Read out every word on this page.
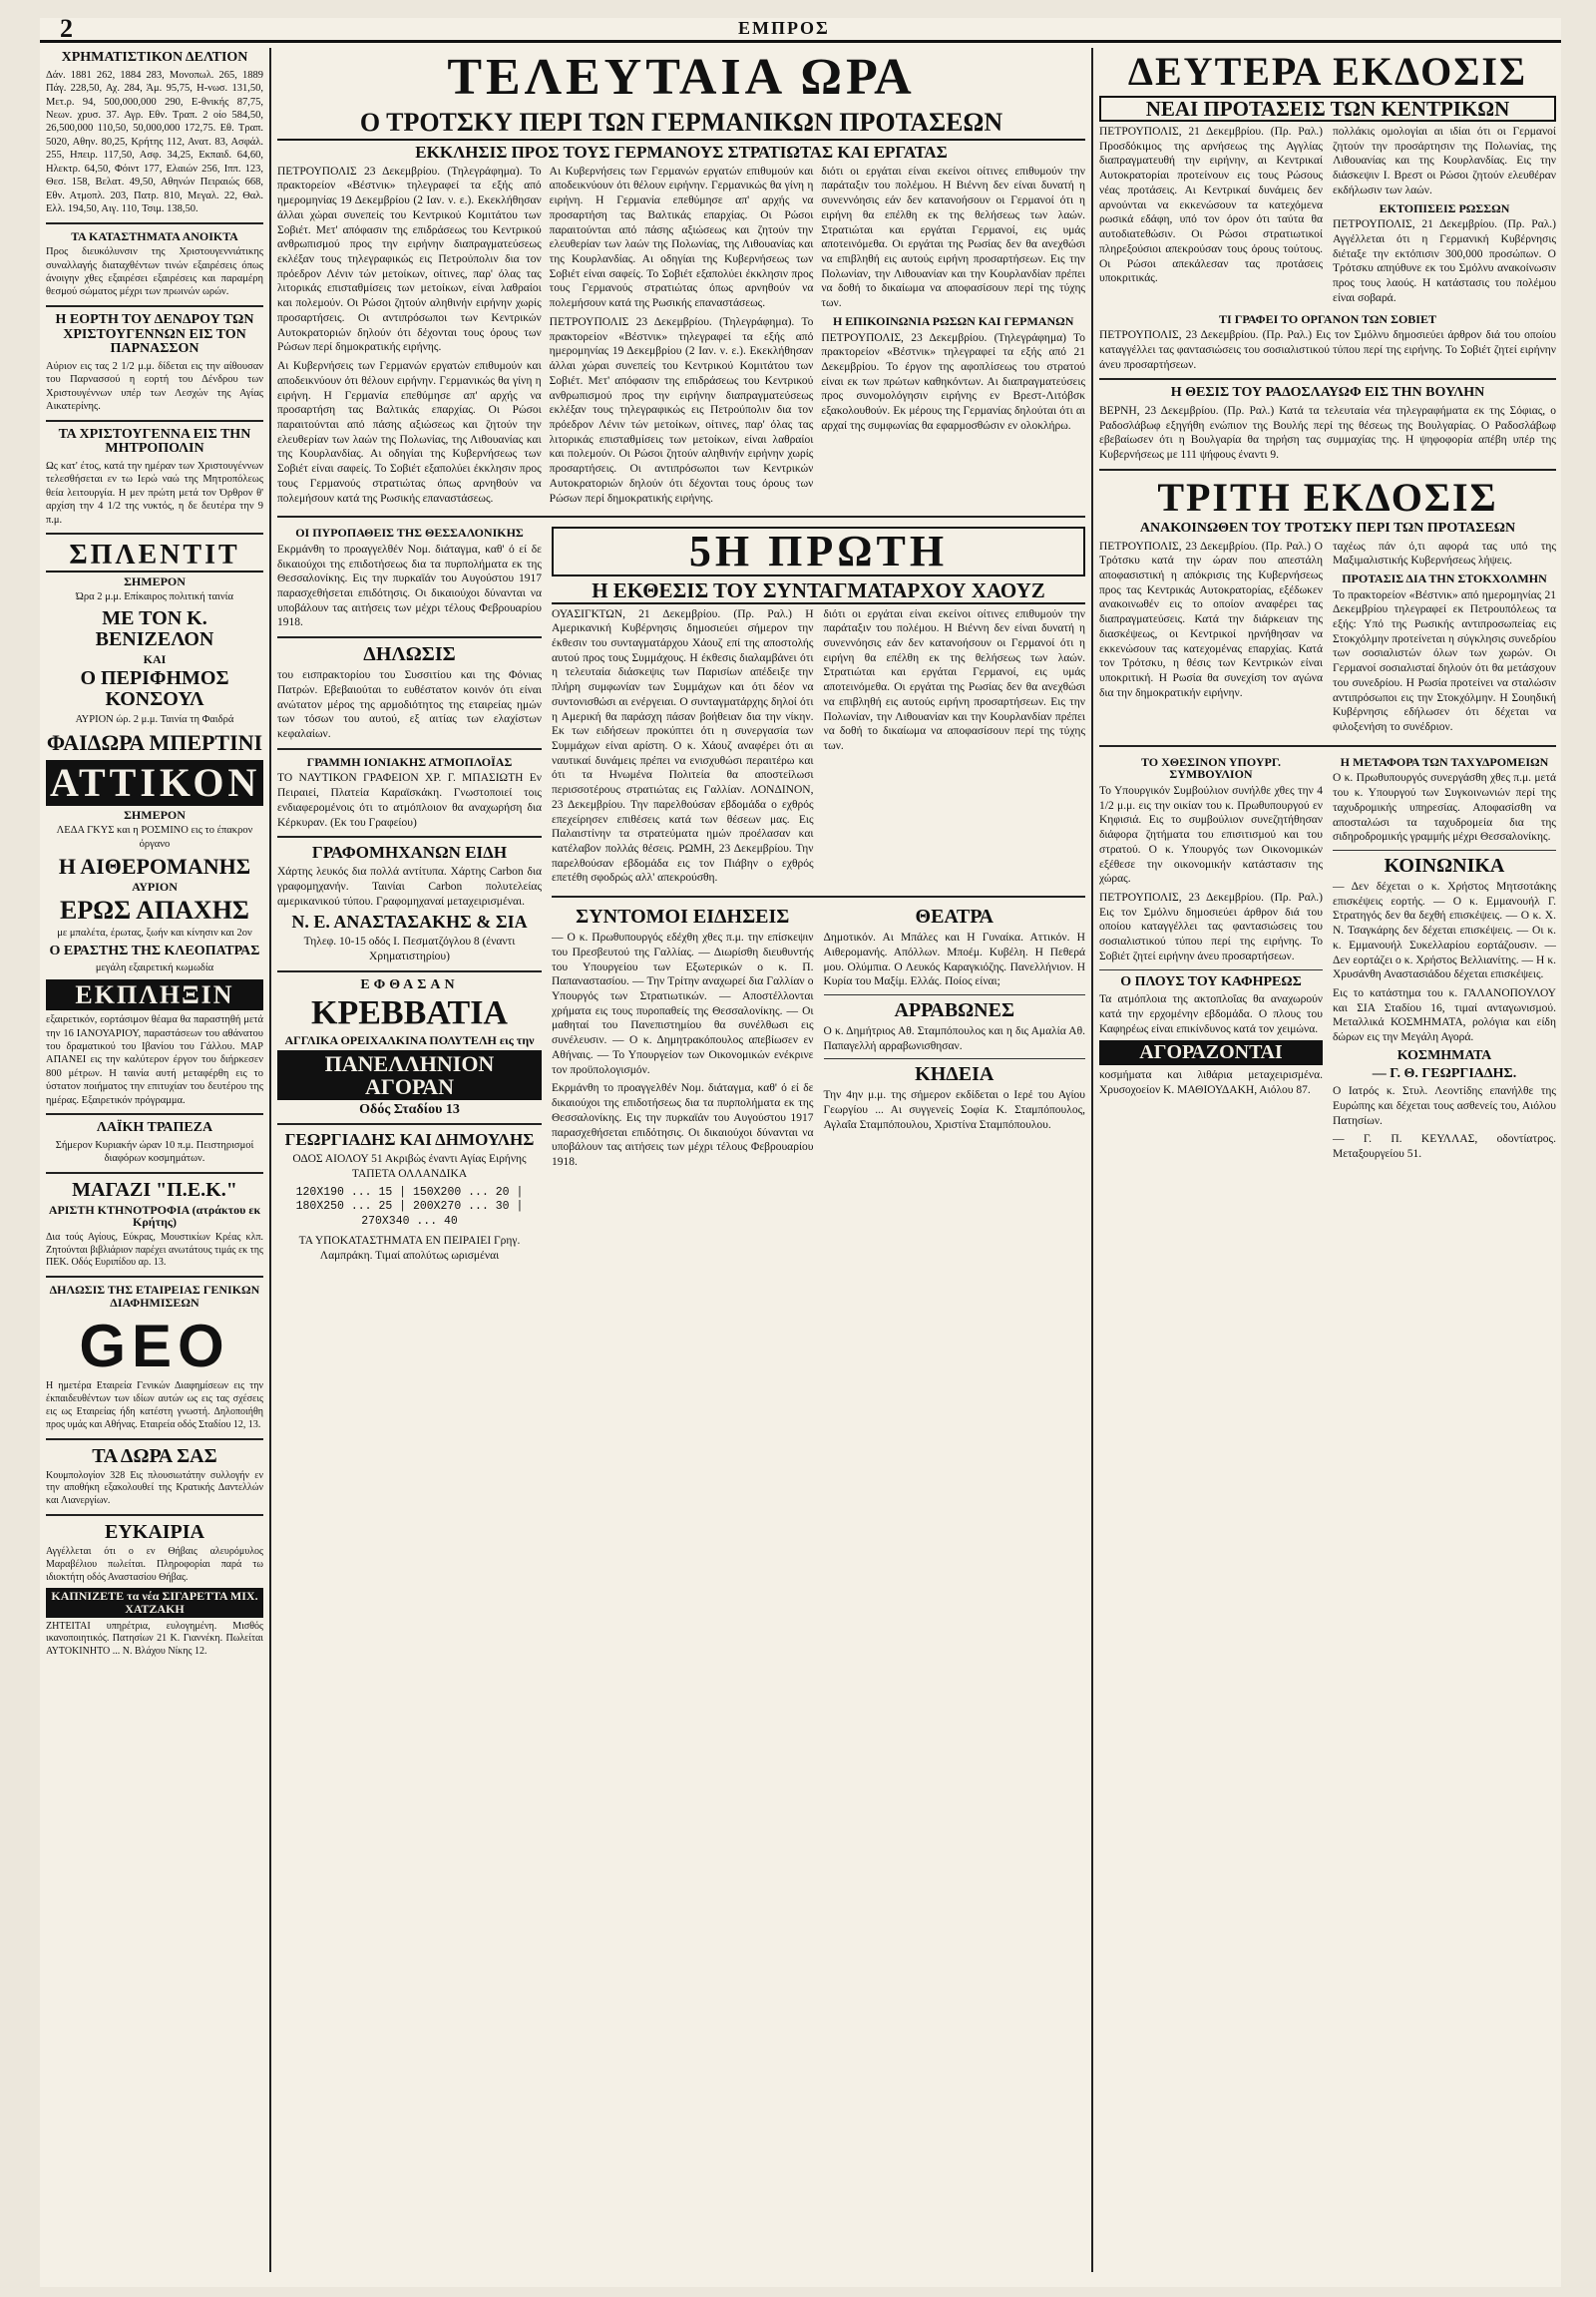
2	ΕΜΠΡΟΣ
ΧΡΗΜΑΤΙΣΤΙΚΟΝ ΔΕΛΤΙΟΝ

Δάν. 1881 262, 1884 283, Μονοπωλ. 265, 1889 Πάγ. 228,50, Αχ. 284, Άμ. 95,75, Η-νωσ. 131,50, Μετ.ρ. 94, 500,000,000 290, Ε-θνικής 87,75, Νεων. χρυσ. 37. Αγρ. Εθν. Τραπ. 2 οίο 584,50, 26,500,000 110,50, 50,000,000 172,75. Εθ. Τραπ. 5020, Αθην. 80,25, Κρήτης 112, Ανατ. 83, Ασφάλ. 255, Ηπειρ. 117,50, Ασφ. 34,25, Εκπαιδ. 64,60, Ηλεκτρ. 64,50, Φόιντ 177, Ελαιών 256, Ιππ. 123, Θεσ. 158, Βελατ. 49,50, Αθηνών Πειραιώς 668, Εθν. Ατμοπλ. 203, Πατρ. 810, Μεγαλ. 22, Θαλ. Ελλ. 194,50, Αιγ. 110, Τσιμ. 138,50.

ΤΑ ΚΑΤΑΣΤΗΜΑΤΑ ΑΝΟΙΚΤΑ

Προς διευκόλυνσιν της Χριστουγεννιάτικης συναλλαγής διαταχθέντων τινών εξαιρέσεις όπως άνοιγην χθες εξαιρέσει εξαιρέσεις και παραμέρη θεσμού σώματος μέχρι των πρωινών ωρών.

Η ΕΟΡΤΗ ΤΟΥ ΔΕΝΔΡΟΥ ΤΩΝ ΧΡΙΣΤΟΥΓΕΝΝΩΝ ΕΙΣ ΤΟΝ ΠΑΡΝΑΣΣΟΝ

Αύριον εις τας 2 1/2 μ.μ. δίδεται εις την αίθουσαν του Παρνασσού η εορτή του Δένδρου των Χριστουγέννων υπέρ των Λεσχών της Αγίας Αικατερίνης.

ΤΑ ΧΡΙΣΤΟΥΓΕΝΝΑ ΕΙΣ ΤΗΝ ΜΗΤΡΟΠΟΛΙΝ

Ως κατ' έτος, κατά την ημέραν των Χριστουγέννων τελεσθήσεται εν τω Ιερώ ναώ της Μητροπόλεως θεία λειτουργία. Η μεν πρώτη μετά τον Όρθρον θ' αρχίση την 4 1/2 της νυκτός, η δε δευτέρα την 9 π.μ.

ΣΠΛΕΝΤΙΤ
ΣΗΜΕΡΟΝ

Ώρα 2 μ.μ. Επίκαιρος πολιτική ταινία

ΜΕ ΤΟΝ Κ. ΒΕΝΙΖΕΛΟΝ
ΚΑΙ
Ο ΠΕΡΙΦΗΜΟΣ ΚΟΝΣΟΥΛ

ΑΥΡΙΟΝ ώρ. 2 μ.μ. Ταινία τη Φαιδρά

ΦΑΙΔΩΡΑ ΜΠΕΡΤΙΝΙ
ΑΤΤΙΚΟΝ
ΣΗΜΕΡΟΝ

ΛΕΔΑ ΓΚΥΣ και η ΡΟΣΜΙΝΟ εις το έπακρον όργανο

Η ΑΙΘΕΡΟΜΑΝΗΣ
ΑΥΡΙΟΝ
ΕΡΩΣ ΑΠΑΧΗΣ

με μπαλέτα, έρωτας, ξωήν και κίνησιν και 2ον

Ο ΕΡΑΣΤΗΣ ΤΗΣ ΚΛΕΟΠΑΤΡΑΣ

μεγάλη εξαιρετική κωμωδία

ΕΚΠΛΗΞΙΝ

εξαιρετικόν, εορτάσιμον θέαμα θα παραστηθή μετά την 16 ΙΑΝΟΥΑΡΙΟΥ, παραστάσεων του αθάνατου του δραματικού του Ιβανίου του Γάλλου. ΜΑΡ ΑΠΑΝΕΙ εις την καλύτερον έργον του διήρκεσεν 800 μέτρων. Η ταινία αυτή μεταφέρθη εις το ύστατον ποιήματος την επιτυχίαν του δευτέρου της ημέρας. Εξαιρετικόν πρόγραμμα.

ΛΑΪΚΗ ΤΡΑΠΕΖΑ

Σήμερον Κυριακήν ώραν 10 π.μ. Πειστηρισμοί διαφόρων κοσμημάτων.

ΜΑΓΑΖΙ "Π.Ε.Κ."
ΑΡΙΣΤΗ ΚΤΗΝΟΤΡΟΦΙΑ (ατράκτου εκ Κρήτης)

Δια τούς Αγίους, Εύκρας, Μουστικίων Κρέας κλπ. Ζητούνται βιβλιάριον παρέχει ανωτάτους τιμάς εκ της ΠΕΚ. Οδός Ευριπίδου αρ. 13.

ΔΗΛΩΣΙΣ ΤΗΣ ΕΤΑΙΡΕΙΑΣ ΓΕΝΙΚΩΝ ΔΙΑΦΗΜΙΣΕΩΝ
GEO

Η ημετέρα Εταιρεία Γενικών Διαφημίσεων εις την έκπαιδευθέντων των ιδίων αυτών ως εις τας σχέσεις εις ως Εταιρείας ήδη κατέστη γνωστή. Δηλοποιήθη προς υμάς και Αθήνας. Εταιρεία οδός Σταδίου 12, 13.

ΤΑ ΔΩΡΑ ΣΑΣ

Κουμπολογίον 328 Εις πλουσιωτάτην συλλογήν εν την αποθήκη εξακολουθεί της Κρατικής Δαντελλών και Λιανεργίων.

ΕΥΚΑΙΡΙΑ

Αγγέλλεται ότι ο εν Θήβαις αλευρόμυλος Μαραβέλιου πωλείται. Πληροφορίαι παρά τω ιδιοκτήτη οδός Αναστασίου Θήβας.

ΚΑΠΝΙΖΕΤΕ τα νέα ΣΙΓΑΡΕΤΤΑ ΜΙΧ. ΧΑΤΖΑΚΗ

ΖΗΤΕΙΤΑΙ υπηρέτρια, ευλογημένη. Μισθός ικανοποιητικός. Πατησίων 21 Κ. Γιαννέκη. Πωλείται ΑΥΤΟΚΙΝΗΤΟ ... Ν. Βλάχου Νίκης 12.

ΤΕΛΕΥΤΑΙΑ ΩΡΑ
Ο ΤΡΟΤΣΚΥ ΠΕΡΙ ΤΩΝ ΓΕΡΜΑΝΙΚΩΝ ΠΡΟΤΑΣΕΩΝ
ΕΚΚΛΗΣΙΣ ΠΡΟΣ ΤΟΥΣ ΓΕΡΜΑΝΟΥΣ ΣΤΡΑΤΙΩΤΑΣ ΚΑΙ ΕΡΓΑΤΑΣ

ΠΕΤΡΟΥΠΟΛΙΣ 23 Δεκεμβρίου. (Τηλεγράφημα). Το πρακτορείον «Βέστνικ» τηλεγραφεί τα εξής από ημερομηνίας 19 Δεκεμβρίου (2 Ιαν. ν. ε.). Εκεκλήθησαν άλλαι χώραι συνεπείς του Κεντρικού Κομιτάτου των Σοβιέτ. Μετ' απόφασιν της επιδράσεως του Κεντρικού ανθρωπισμού προς την ειρήνην διαπραγματεύσεως εκλέξαν τους τηλεγραφικώς εις Πετρούπολιν δια τον πρόεδρον Λένιν τών μετοίκων, οίτινες, παρ' όλας τας λιτορικάς επισταθμίσεις των μετοίκων, είναι λαθραίοι και πολεμούν. Οι Ρώσοι ζητούν αληθινήν ειρήνην χωρίς προσαρτήσεις. Οι αντιπρόσωποι των Κεντρικών Αυτοκρατοριών δηλούν ότι δέχονται τους όρους των Ρώσων περί δημοκρατικής ειρήνης.

Αι Κυβερνήσεις των Γερμανών εργατών επιθυμούν και αποδεικνύουν ότι θέλουν ειρήνην. Γερμανικώς θα γίνη η ειρήνη. Η Γερμανία επεθύμησε απ' αρχής να προσαρτήση τας Βαλτικάς επαρχίας. Οι Ρώσοι παραιτούνται από πάσης αξιώσεως και ζητούν την ελευθερίαν των λαών της Πολωνίας, της Λιθουανίας και της Κουρλανδίας. Αι οδηγίαι της Κυβερνήσεως των Σοβιέτ είναι σαφείς. Το Σοβιέτ εξαπολύει έκκλησιν προς τους Γερμανούς στρατιώτας όπως αρνηθούν να πολεμήσουν κατά της Ρωσικής επαναστάσεως.

Αι Κυβερνήσεις των Γερμανών εργατών επιθυμούν και αποδεικνύουν ότι θέλουν ειρήνην. Γερμανικώς θα γίνη η ειρήνη. Η Γερμανία επεθύμησε απ' αρχής να προσαρτήση τας Βαλτικάς επαρχίας. Οι Ρώσοι παραιτούνται από πάσης αξιώσεως και ζητούν την ελευθερίαν των λαών της Πολωνίας, της Λιθουανίας και της Κουρλανδίας. Αι οδηγίαι της Κυβερνήσεως των Σοβιέτ είναι σαφείς. Το Σοβιέτ εξαπολύει έκκλησιν προς τους Γερμανούς στρατιώτας όπως αρνηθούν να πολεμήσουν κατά της Ρωσικής επαναστάσεως.

ΠΕΤΡΟΥΠΟΛΙΣ 23 Δεκεμβρίου. (Τηλεγράφημα). Το πρακτορείον «Βέστνικ» τηλεγραφεί τα εξής από ημερομηνίας 19 Δεκεμβρίου (2 Ιαν. ν. ε.). Εκεκλήθησαν άλλαι χώραι συνεπείς του Κεντρικού Κομιτάτου των Σοβιέτ. Μετ' απόφασιν της επιδράσεως του Κεντρικού ανθρωπισμού προς την ειρήνην διαπραγματεύσεως εκλέξαν τους τηλεγραφικώς εις Πετρούπολιν δια τον πρόεδρον Λένιν τών μετοίκων, οίτινες, παρ' όλας τας λιτορικάς επισταθμίσεις των μετοίκων, είναι λαθραίοι και πολεμούν. Οι Ρώσοι ζητούν αληθινήν ειρήνην χωρίς προσαρτήσεις. Οι αντιπρόσωποι των Κεντρικών Αυτοκρατοριών δηλούν ότι δέχονται τους όρους των Ρώσων περί δημοκρατικής ειρήνης.

διότι οι εργάται είναι εκείνοι οίτινες επιθυμούν την παράταξιν του πολέμου. Η Βιέννη δεν είναι δυνατή η συνεννόησις εάν δεν κατανοήσουν οι Γερμανοί ότι η ειρήνη θα επέλθη εκ της θελήσεως των λαών. Στρατιώται και εργάται Γερμανοί, εις υμάς αποτεινόμεθα. Οι εργάται της Ρωσίας δεν θα ανεχθώσι να επιβληθή εις αυτούς ειρήνη προσαρτήσεων. Εις την Πολωνίαν, την Λιθουανίαν και την Κουρλανδίαν πρέπει να δοθή το δικαίωμα να αποφασίσουν περί της τύχης των.

Η ΕΠΙΚΟΙΝΩΝΙΑ ΡΩΣΩΝ ΚΑΙ ΓΕΡΜΑΝΩΝ

ΠΕΤΡΟΥΠΟΛΙΣ, 23 Δεκεμβρίου. (Τηλεγράφημα) Το πρακτορείον «Βέστνικ» τηλεγραφεί τα εξής από 21 Δεκεμβρίου. Το έργον της αφοπλίσεως του στρατού είναι εκ των πρώτων καθηκόντων. Αι διαπραγματεύσεις προς συνομολόγησιν ειρήνης εν Βρεστ-Λιτόβσκ εξακολουθούν. Εκ μέρους της Γερμανίας δηλούται ότι αι αρχαί της συμφωνίας θα εφαρμοσθώσιν εν ολοκλήρω.

ΟΙ ΠΥΡΟΠΑΘΕΙΣ ΤΗΣ ΘΕΣΣΑΛΟΝΙΚΗΣ

Εκρμάνθη το προαγγελθέν Νομ. διάταγμα, καθ' ό εί δε δικαιούχοι της επιδοτήσεως δια τα πυρπολήματα εκ της Θεσσαλονίκης. Εις την πυρκαϊάν του Αυγούστου 1917 παρασχεθήσεται επιδότησις. Οι δικαιούχοι δύνανται να υποβάλουν τας αιτήσεις των μέχρι τέλους Φεβρουαρίου 1918.

ΔΗΛΩΣΙΣ

του εισπρακτορίου του Συσσιτίου και της Φόνιας Πατρών. Εβεβαιούται το ευθέστατον κοινόν ότι είναι ανώτατον μέρος της αρμοδιότητος της εταιρείας ημών των τόσων του αυτού, εξ αιτίας των ελαχίστων κεφαλαίων.

ΓΡΑΜΜΗ ΙΟΝΙΑΚΗΣ ΑΤΜΟΠΛΟΪΑΣ

ΤΟ ΝΑΥΤΙΚΟΝ ΓΡΑΦΕΙΟΝ ΧΡ. Γ. ΜΠΑΣΙΩΤΗ Εν Πειραιεί, Πλατεία Καραϊσκάκη. Γνωστοποιεί τοις ενδιαφερομένοις ότι το ατμόπλοιον θα αναχωρήση δια Κέρκυραν. (Εκ του Γραφείου)

ΓΡΑΦΟΜΗΧΑΝΩΝ ΕΙΔΗ

Χάρτης λευκός δια πολλά αντίτυπα. Χάρτης Carbon δια γραφομηχανήν. Ταινίαι Carbon πολυτελείας αμερικανικού τύπου. Γραφομηχαναί μεταχειρισμέναι.

Ν. Ε. ΑΝΑΣΤΑΣΑΚΗΣ & ΣΙΑ

Τηλεφ. 10-15 οδός Ι. Πεσματζόγλου 8 (έναντι Χρηματιστηρίου)

ΕΦΘΑΣΑΝ
ΚΡΕΒΒΑΤΙΑ
ΑΓΓΛΙΚΑ ΟΡΕΙΧΑΛΚΙΝΑ ΠΟΛΥΤΕΛΗ εις την
ΠΑΝΕΛΛΗΝΙΟΝ ΑΓΟΡΑΝ
Οδός Σταδίου 13
ΓΕΩΡΓΙΑΔΗΣ ΚΑΙ ΔΗΜΟΥΛΗΣ

ΟΔΟΣ ΑΙΟΛΟΥ 51 Ακριβώς έναντι Αγίας Ειρήνης ΤΑΠΕΤΑ ΟΛΛΑΝΔΙΚΑ

120Χ190 ... 15 | 150Χ200 ... 20 | 180Χ250 ... 25 | 200Χ270 ... 30 | 270Χ340 ... 40

ΤΑ ΥΠΟΚΑΤΑΣΤΗΜΑΤΑ ΕΝ ΠΕΙΡΑΙΕΙ Γρηγ. Λαμπράκη. Τιμαί απολύτως ωρισμέναι

5Η ΠΡΩΤΗ
Η ΕΚΘΕΣΙΣ ΤΟΥ ΣΥΝΤΑΓΜΑΤΑΡΧΟΥ ΧΑΟΥΖ

ΟΥΑΣΙΓΚΤΩΝ, 21 Δεκεμβρίου. (Πρ. Ραλ.) Η Αμερικανική Κυβέρνησις δημοσιεύει σήμερον την έκθεσιν του συνταγματάρχου Χάουζ επί της αποστολής αυτού προς τους Συμμάχους. Η έκθεσις διαλαμβάνει ότι η τελευταία διάσκεψις των Παρισίων απέδειξε την πλήρη συμφωνίαν των Συμμάχων και ότι δέον να συντονισθώσι αι ενέργειαι. Ο συνταγματάρχης δηλοί ότι η Αμερική θα παράσχη πάσαν βοήθειαν δια την νίκην. Εκ των ειδήσεων προκύπτει ότι η συνεργασία των Συμμάχων είναι αρίστη. Ο κ. Χάουζ αναφέρει ότι αι ναυτικαί δυνάμεις πρέπει να ενισχυθώσι περαιτέρω και ότι τα Ηνωμένα Πολιτεία θα αποστείλωσι περισσοτέρους στρατιώτας εις Γαλλίαν. ΛΟΝΔΙΝΟΝ, 23 Δεκεμβρίου. Την παρελθούσαν εβδομάδα ο εχθρός επεχείρησεν επιθέσεις κατά των θέσεων μας. Εις Παλαιστίνην τα στρατεύματα ημών προέλασαν και κατέλαβον πολλάς θέσεις. ΡΩΜΗ, 23 Δεκεμβρίου. Την παρελθούσαν εβδομάδα εις τον Πιάβην ο εχθρός επετέθη σφοδρώς αλλ' απεκρούσθη.

διότι οι εργάται είναι εκείνοι οίτινες επιθυμούν την παράταξιν του πολέμου. Η Βιέννη δεν είναι δυνατή η συνεννόησις εάν δεν κατανοήσουν οι Γερμανοί ότι η ειρήνη θα επέλθη εκ της θελήσεως των λαών. Στρατιώται και εργάται Γερμανοί, εις υμάς αποτεινόμεθα. Οι εργάται της Ρωσίας δεν θα ανεχθώσι να επιβληθή εις αυτούς ειρήνη προσαρτήσεων. Εις την Πολωνίαν, την Λιθουανίαν και την Κουρλανδίαν πρέπει να δοθή το δικαίωμα να αποφασίσουν περί της τύχης των.

ΣΥΝΤΟΜΟΙ ΕΙΔΗΣΕΙΣ

— Ο κ. Πρωθυπουργός εδέχθη χθες π.μ. την επίσκεψιν του Πρεσβευτού της Γαλλίας. — Διωρίσθη διευθυντής του Υπουργείου των Εξωτερικών ο κ. Π. Παπαναστασίου. — Την Τρίτην αναχωρεί δια Γαλλίαν ο Υπουργός των Στρατιωτικών. — Αποστέλλονται χρήματα εις τους πυροπαθείς της Θεσσαλονίκης. — Οι μαθηταί του Πανεπιστημίου θα συνέλθωσι εις συνέλευσιν. — Ο κ. Δημητρακόπουλος απεβίωσεν εν Αθήναις. — Το Υπουργείον των Οικονομικών ενέκρινε τον προϋπολογισμόν.

Εκρμάνθη το προαγγελθέν Νομ. διάταγμα, καθ' ό εί δε δικαιούχοι της επιδοτήσεως δια τα πυρπολήματα εκ της Θεσσαλονίκης. Εις την πυρκαϊάν του Αυγούστου 1917 παρασχεθήσεται επιδότησις. Οι δικαιούχοι δύνανται να υποβάλουν τας αιτήσεις των μέχρι τέλους Φεβρουαρίου 1918.

ΘΕΑΤΡΑ

Δημοτικόν. Αι Μπάλες και Η Γυναίκα. Αττικόν. Η Αιθερομανής. Απόλλων. Μποέμ. Κυβέλη. Η Πεθερά μου. Ολύμπια. Ο Λευκός Καραγκιόζης. Πανελλήνιον. Η Κυρία του Μαξίμ. Ελλάς. Ποίος είναι;

ΑΡΡΑΒΩΝΕΣ

Ο κ. Δημήτριος Αθ. Σταμπόπουλος και η δις Αμαλία Αθ. Παπαγελλή αρραβωνισθησαν.

ΚΗΔΕΙΑ

Την 4ην μ.μ. της σήμερον εκδίδεται ο Ιερέ του Αγίου Γεωργίου ... Αι συγγενείς Σοφία Κ. Σταμπόπουλος, Αγλαΐα Σταμπόπουλου, Χριστίνα Σταμπόπουλου.

ΔΕΥΤΕΡΑ ΕΚΔΟΣΙΣ
ΝΕΑΙ ΠΡΟΤΑΣΕΙΣ ΤΩΝ ΚΕΝΤΡΙΚΩΝ

ΠΕΤΡΟΥΠΟΛΙΣ, 21 Δεκεμβρίου. (Πρ. Ραλ.) Προσδόκιμος της αρνήσεως της Αγγλίας διαπραγματευθή την ειρήνην, αι Κεντρικαί Αυτοκρατορίαι προτείνουν εις τους Ρώσους νέας προτάσεις. Αι Κεντρικαί δυνάμεις δεν αρνούνται να εκκενώσουν τα κατεχόμενα ρωσικά εδάφη, υπό τον όρον ότι ταύτα θα αυτοδιατεθώσιν. Οι Ρώσοι στρατιωτικοί πληρεξούσιοι απεκρούσαν τους όρους τούτους. Οι Ρώσοι απεκάλεσαν τας προτάσεις υποκριτικάς.

πολλάκις ομολογίαι αι ιδίαι ότι οι Γερμανοί ζητούν την προσάρτησιν της Πολωνίας, της Λιθουανίας και της Κουρλανδίας. Εις την διάσκεψιν Ι. Βρεστ οι Ρώσοι ζητούν ελευθέραν εκδήλωσιν των λαών.

ΕΚΤΟΠΙΣΕΙΣ ΡΩΣΣΩΝ

ΠΕΤΡΟΥΠΟΛΙΣ, 21 Δεκεμβρίου. (Πρ. Ραλ.) Αγγέλλεται ότι η Γερμανική Κυβέρνησις διέταξε την εκτόπισιν 300,000 προσώπων. Ο Τρότσκυ απηύθυνε εκ του Σμόλνυ ανακοίνωσιν προς τους λαούς. Η κατάστασις του πολέμου είναι σοβαρά.

ΤΙ ΓΡΑΦΕΙ ΤΟ ΟΡΓΑΝΟΝ ΤΩΝ ΣΟΒΙΕΤ

ΠΕΤΡΟΥΠΟΛΙΣ, 23 Δεκεμβρίου. (Πρ. Ραλ.) Εις τον Σμόλνυ δημοσιεύει άρθρον διά του οποίου καταγγέλλει τας φαντασιώσεις του σοσιαλιστικού τύπου περί της ειρήνης. Το Σοβιέτ ζητεί ειρήνην άνευ προσαρτήσεων.

Η ΘΕΣΙΣ ΤΟΥ ΡΑΔΟΣΛΑΥΩΦ ΕΙΣ ΤΗΝ ΒΟΥΛΗΝ

ΒΕΡΝΗ, 23 Δεκεμβρίου. (Πρ. Ραλ.) Κατά τα τελευταία νέα τηλεγραφήματα εκ της Σόφιας, ο Ραδοσλάβωφ εξηγήθη ενώπιον της Βουλής περί της θέσεως της Βουλγαρίας. Ο Ραδοσλάβωφ εβεβαίωσεν ότι η Βουλγαρία θα τηρήση τας συμμαχίας της. Η ψηφοφορία απέβη υπέρ της Κυβερνήσεως με 111 ψήφους έναντι 9.

ΤΡΙΤΗ ΕΚΔΟΣΙΣ
ΑΝΑΚΟΙΝΩΘΕΝ ΤΟΥ ΤΡΟΤΣΚΥ ΠΕΡΙ ΤΩΝ ΠΡΟΤΑΣΕΩΝ

ΠΕΤΡΟΥΠΟΛΙΣ, 23 Δεκεμβρίου. (Πρ. Ραλ.) Ο Τρότσκυ κατά την ώραν που απεστάλη αποφασιστική η απόκρισις της Κυβερνήσεως προς τας Κεντρικάς Αυτοκρατορίας, εξέδωκεν ανακοινωθέν εις το οποίον αναφέρει τας διαπραγματεύσεις. Κατά την διάρκειαν της διασκέψεως, οι Κεντρικοί ηρνήθησαν να εκκενώσουν τας κατεχομένας επαρχίας. Κατά τον Τρότσκυ, η θέσις των Κεντρικών είναι υποκριτική. Η Ρωσία θα συνεχίση τον αγώνα δια την δημοκρατικήν ειρήνην.

ταχέως πάν ό,τι αφορά τας υπό της Μαξιμαλιστικής Κυβερνήσεως λήψεις.

ΠΡΟΤΑΣΙΣ ΔΙΑ ΤΗΝ ΣΤΟΚΧΟΛΜΗΝ

Το πρακτορείον «Βέστνικ» από ημερομηνίας 21 Δεκεμβρίου τηλεγραφεί εκ Πετρουπόλεως τα εξής: Υπό της Ρωσικής αντιπροσωπείας εις Στοκχόλμην προτείνεται η σύγκλησις συνεδρίου των σοσιαλιστών όλων των χωρών. Οι Γερμανοί σοσιαλισταί δηλούν ότι θα μετάσχουν του συνεδρίου. Η Ρωσία προτείνει να σταλώσιν αντιπρόσωποι εις την Στοκχόλμην. Η Σουηδική Κυβέρνησις εδήλωσεν ότι δέχεται να φιλοξενήση το συνέδριον.

ΤΟ ΧΘΕΣΙΝΟΝ ΥΠΟΥΡΓ. ΣΥΜΒΟΥΛΙΟΝ

Το Υπουργικόν Συμβούλιον συνήλθε χθες την 4 1/2 μ.μ. εις την οικίαν του κ. Πρωθυπουργού εν Κηφισιά. Εις το συμβούλιον συνεζητήθησαν διάφορα ζητήματα του επισιτισμού και του στρατού. Ο κ. Υπουργός των Οικονομικών εξέθεσε την οικονομικήν κατάστασιν της χώρας.

ΠΕΤΡΟΥΠΟΛΙΣ, 23 Δεκεμβρίου. (Πρ. Ραλ.) Εις τον Σμόλνυ δημοσιεύει άρθρον διά του οποίου καταγγέλλει τας φαντασιώσεις του σοσιαλιστικού τύπου περί της ειρήνης. Το Σοβιέτ ζητεί ειρήνην άνευ προσαρτήσεων.

Ο ΠΛΟΥΣ ΤΟΥ ΚΑΦΗΡΕΩΣ

Τα ατμόπλοια της ακτοπλοΐας θα αναχωρούν κατά την ερχομένην εβδομάδα. Ο πλους του Καφηρέως είναι επικίνδυνος κατά τον χειμώνα.

ΑΓΟΡΑΖΟΝΤΑΙ

κοσμήματα και λιθάρια μεταχειρισμένα. Χρυσοχοείον Κ. ΜΑΘΙΟΥΔΑΚΗ, Αιόλου 87.

Η ΜΕΤΑΦΟΡΑ ΤΩΝ ΤΑΧΥΔΡΟΜΕΙΩΝ

Ο κ. Πρωθυπουργός συνεργάσθη χθες π.μ. μετά του κ. Υπουργού των Συγκοινωνιών περί της ταχυδρομικής υπηρεσίας. Αποφασίσθη να αποσταλώσι τα ταχυδρομεία δια της σιδηροδρομικής γραμμής μέχρι Θεσσαλονίκης.

ΚΟΙΝΩΝΙΚΑ

— Δεν δέχεται ο κ. Χρήστος Μητσοτάκης επισκέψεις εορτής. — Ο κ. Εμμανουήλ Γ. Στρατηγός δεν θα δεχθή επισκέψεις. — Ο κ. Χ. Ν. Τσαγκάρης δεν δέχεται επισκέψεις. — Οι κ. κ. Εμμανουήλ Συκελλαρίου εορτάζουσιν. — Δεν εορτάζει ο κ. Χρήστος Βελλιανίτης. — Η κ. Χρυσάνθη Αναστασιάδου δέχεται επισκέψεις.

Εις το κατάστημα του κ. ΓΑΛΑΝΟΠΟΥΛΟΥ και ΣΙΑ Σταδίου 16, τιμαί ανταγωνισμού. Μεταλλικά ΚΟΣΜΗΜΑΤΑ, ρολόγια και είδη δώρων εις την Μεγάλη Αγορά.

ΚΟΣΜΗΜΑΤΑ
— Γ. Θ. ΓΕΩΡΓΙΑΔΗΣ.

Ο Ιατρός κ. Στυλ. Λεοντίδης επανήλθε της Ευρώπης και δέχεται τους ασθενείς του, Αιόλου Πατησίων.

— Γ. Π. ΚΕΥΛΛΑΣ, οδοντίατρος. Μεταξουργείου 51.
